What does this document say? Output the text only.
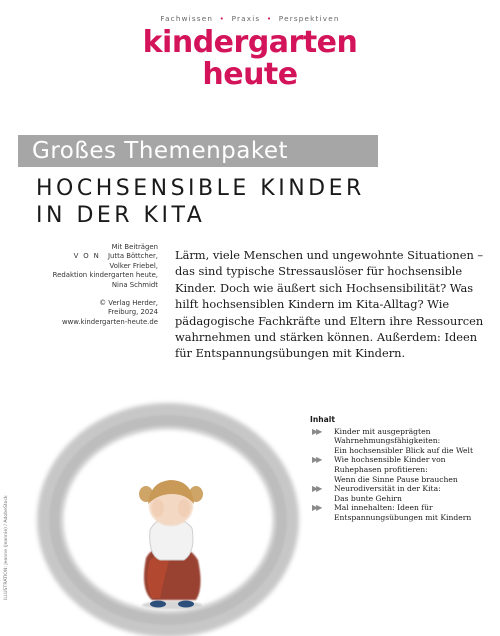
Fachwissen • Praxis • Perspektiven
kindergarten
heute
Großes Themenpaket
HOCHSENSIBLE KINDER
IN DER KITA
Mit Beiträgen
VON Jutta Böttcher,
Volker Friebel,
Redaktion kindergarten heute,
Nina Schmidt
© Verlag Herder,
Freiburg, 2024
www.kindergarten-heute.de
Lärm, viele Menschen und ungewohnte Situationen – das sind typische Stressauslöser für hochsensible Kinder. Doch wie äußert sich Hochsensibilität? Was hilft hochsensiblen Kindern im Kita-Alltag? Wie pädagogische Fachkräfte und Eltern ihre Ressourcen wahrnehmen und stärken können. Außerdem: Ideen für Entspannungsübungen mit Kindern.
Inhalt
▶▶ Kinder mit ausgeprägten
Wahrnehmungsfähigkeiten:
Ein hochsensibler Blick auf die Welt
▶▶ Wie hochsensible Kinder von
Ruhephasen profitieren:
Wenn die Sinne Pause brauchen
▶▶ Neurodiversität in der Kita:
Das bunte Gehirn
▶▶ Mal innehalten: Ideen für
Entspannungsübungen mit Kindern
ILLUSTRATION: Jeanne (Jeannie) / AdobeStock
